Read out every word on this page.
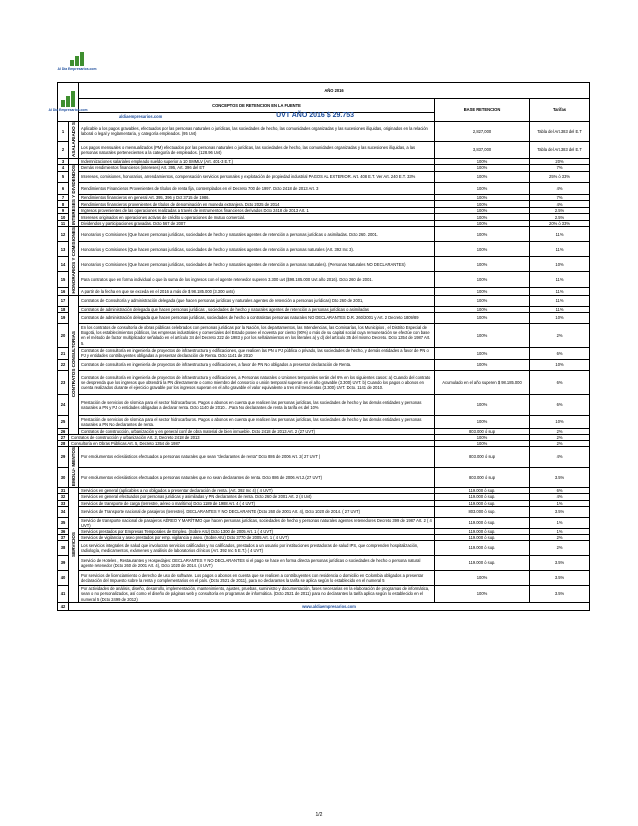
Al Día Empresarios.com
Al Día Empresarios.com		AÑO 2016		
		CONCEPTOS DE RETENCION EN LA FUENTE	BASE RETENCION	Tarifas

		aldiaempresarios.com UVT AÑO 2016 $ 29.753		

1	ASALARIADO S	Aplicable a los pagos gravables, efectuados por las personas naturales o jurídicas, las sociedades de hecho, las comunidades organizadas y las sucesiones ilíquidas, originados en la relación laboral o legal y reglamentaria, y categoría empleados. (95 Uvt)	2,827,000	Tabla del Art.383 del E.T
2		Los pagos mensuales o mensualizados (PM) efectuados por las personas naturales o jurídicas, las sociedades de hecho, las comunidades organizadas y las sucesiones ilíquidas, a las personas naturales pertenecientes a la categoría de empleados. (128.96 Uvt)	3,837,000	Tabla del Art.383 del E.T
3		Indemnizaciones salariales empleado sueldo superior a 10 SMMLV (Art. 401-3 E.T.)	100%	20%
4	INTERESES Y DIVIDENDOS	Demás rendimientos financieros (intereses) Art. 395, Art. 396 del ET	100%	7%
5		Intereses, comisiones, honorarios, arrendamientos, compensación servicios personales y explotación de propiedad industrial PAGOS AL EXTERIOR. Art. 408 E.T. Ver Art. 240 E.T. 33%	100%	25% ó 33%
6		Rendimientos Financieros Provenientes de títulos de renta fija, contemplados en el Decreto 700 de 1997. Dcto 2418 de 2013 Art. 3	100%	4%
7		Rendimientos financieros en general Art. 395, 396 y Dct 3715 de 1986.	100%	7%
8		Rendimientos financieros provenientes de títulos de denominación en moneda extranjera. Dcto 2025 de 2014	100%	4%
9		Ingresos provenientes de las operaciones realizadas a través de instrumentos financieros derivados Dcto 2418 de 2013 Art. 1	100%	2.5%
10		Intereses originados en operaciones activas de crédito u operaciones de mutuo comercial.	100%	2.5%
11		Dividendos y participaciones gravadas. Dcto 567 de 2007	100%	20% ó 33%
12	HONORARIOS Y COMISIONES	Honorarios y Comisiones (Que hacen personas jurídicas, sociedades de hecho y naturales agentes de retención a personas jurídicas o asimiladas. Dcto 260. 2001.	100%	11%
13		Honorarios y Comisiones (Que hacen personas jurídicas, sociedades de hecho y naturales agentes de retención a personas naturales (Art. 392 Inc 3).	100%	11%
14		Honorarios y Comisiones (Que hacen personas jurídicas, sociedades de hecho y naturales agentes de retención a personas naturales). (Personas Naturales NO DECLARANTES)	100%	10%
15		Para contratos que en forma individual o que la suma de los ingresos con el agente retenedor superen 3.300 uvt ($98.185.000 Uvt año 2016). Dcto 260 de 2001.	100%	11%
16		A partir de la fecha en que se exceda en el 2016 a más de $ 98.185.000 (3.300 uvts)	100%	11%
17	CONTRATOS CONSULTORIAS	Contratos de Consultoría y administración delegada (que hacen personas jurídicas y naturales agentes de retención a personas jurídicas) Dto 260 de 2001,	100%	11%
18		Contratos de administración delegada que hacen personas jurídicas , sociedades de hecho y naturales agentes de retención a personas jurídicas o asimiladas	100%	11%
19		Contratos de administración delegada que hacen personas jurídicas, sociedades de hecho a contratistas personas naturales NO DECLARANTES D.R. 260/2001 y Art. 2 Decreto 1809/89	100%	10%
20		En los contratos de consultoría de obras públicas celebrados con personas jurídicas por la Nación, los departamentos, las Intendencias, las Comisarías, los Municipios , el Distrito Especial de Bogotá, los establecimientos públicos, las empresas industriales y comerciales del Estado posee el noventa por ciento (90%) o más de su capital social cuya remuneración se efectúe con base en el método de factor multiplicador señalado en el artículo 34 del Decreto 222 de 1983 y por los señalamientos en los literales a) y d) del artículo 35 del mismo Decreto. Dcto 1354 de 1987 Art. 5.	100%	2%
21		Contratos de consultoría en ingeniería de proyectos de infraestructura y edificaciones, que realicen las PN o PJ pública o privado, las sociedades de hecho, y demás entidades a favor de PN o PJ y entidades contribuyentes obligadas a presentar declaración de Renta. Dcto 1141 de 2010	100%	6%
22		Contratos de consultoría en ingeniería de proyectos de infraestructura y edificaciones, a favor de PN No obligados a presentar declaración de Renta.	100%	10%
23		Contratos de consultoría en ingeniería de proyectos de infraestructura y edificaciones, a Personas naturales o Uniones temporales serán del 6% en los siguientes casos: a) Cuando del contrato se desprenda que los ingresos que obtendrá la PN directamente o como miembro del consorcio o unión temporal superan en el año gravable (3.300) UVT. b) Cuando los pagos o abonos en cuenta realizados durante el ejercicio gravable por los ingresos superan en el año gravable el valor equivalente a tres mil trescientas (3.300) UVT. Dcto. 1141 de 2010.	Acumulado en el año superen $ 98.185.000	6%
24		Prestación de servicios de sísmica para el sector hidrocarburos. Pagos o abonos en cuenta que realicen las personas jurídicas, las sociedades de hecho y las demás entidades y personas naturales a PN y PJ o entidades obligadas a declarar renta. Dcto 1140 de 2010.. .Para No declarantes de renta la tarifa es del 10%	100%	6%
25		Prestación de servicios de sísmica para el sector hidrocarburos. Pagos o abonos en cuenta que realicen las personas jurídicas, las sociedades de hecho y las demás entidades y personas naturales a PN No declarantes de renta.	100%	10%
26		Contratos de construcción, urbanización y en general conf de obra material de bien inmueble. Dcto 2418 de 2013 Art. 2 (27 UVT)	803.000 ó sup	2%
27	Contratos de construcción y urbanización Art. 2, Decreto 2418 de 2013		100%	2%
28	Consultoría en Obras Públicas Art. 5, Decreto 1354 de 1987		100%	2%
29	EMOLU- MENTOS	Por emolumentos eclesiásticos efectuados a personas naturales que sean "declarantes de renta" Dcto 886 de 2006 Art. 2( 27 UVT )	803.000 ó sup	4%
30		Por emolumentos eclesiásticos efectuados a personas naturales que no sean declarantes de renta. Dcto 886 de 2006 Art.2.(27 UVT)	803.000 ó sup	3.5%
31	SERVICIOS	Servicios en general (aplicables a no obligados a presentar declaración de renta. (Art. 392 Inc 4) ( 4 UVT)	119.000 ó sup.	6%
32		Servicios en general efectuados por personas jurídicas y asimiladas y PN declarantes de renta. Dcto 260 de 2001 Art. 2 (4 Uvt)	119.000 ó sup.	4%
33		Servicios de transporte de carga (terrestre, aéreo o marítimo) Dcto 1189 de 1988 Art. 4 ( 4 UVT)	119.000 ó sup.	1%
34		Servicios de Transporte nacional de pasajeros (terrestre). DECLARANTES Y NO DECLARANTE (Dcto 260 de 2001 Art. 4), Dcto 1020 de 2014. ( 27 UVT)	803.000 ó sup.	3.5%
35		Servicio de transporte nacional de pasajeros AÉREO Y MARÍTIMO que hacen personas jurídicas, sociedades de hecho y personas naturales agentes retenedores Decreto 399 de 1987 Art. 2 ( 4 UVT)	119.000 ó sup.	1%
36		Servicios prestados por Empresas Temporales de Empleo. (Sobre AIU) Dcto 1300 de 2005 Art. 1 ( 4 UVT)	119.000 ó sup.	1%
37		Servicios de vigilancia y aseo prestados por emp. vigilancia y aseo. (Sobre AIU) Dcto 3770 de 2005 Art. 1 ( 4 UVT)	119.000 ó sup.	2%
38		Los servicios integrales de salud que involucran servicios calificados y no calificados, prestados a un usuario por instituciones prestadoras de salud IPS, que comprenden hospitalización, radiología, medicamentos, exámenes y análisis de laboratorios clínicos (Art. 392 Inc 5 E.T.) ( 4 UVT)	119.000 ó sup.	2%
39		Servicio de Hoteles , Restaurantes y Hospedajes: DECLARANTES Y NO DECLARANTES si el pago se hace en forma directa personas jurídicas o sociedades de hecho o persona natural agente retenedor (Dcto 260 de 2001 Art. 4), Dcto 1020 de 2014. (4 UVT)	119.000 ó sup.	3.5%
40		Por servicios de licenciamiento o derecho de uso de software. Los pagos o abonos en cuenta que se realicen a contribuyentes con residencia o domicilio en Colombia obligados a presentar declaración del Impuesto sobre la renta y complementarios en el país. (Dcto 2521 de 2011), para no declarantes la tarifa se aplica según lo establecido en el numeral 5	100%	3.5%
41		Por actividades de análisis, diseño, desarrollo, implementación, mantenimiento, ajustes, pruebas, suministro y documentación, fases necesarias en la elaboración de programas de informática, sean o no personalizados, así como el diseño de páginas web y consultoría en programas de informática. (Dcto 2521 de 2011) para no declarantes la tarifa aplica según lo establecido en el numeral 5 (Dcto 2499 de 2012)	100%	3.5%
42	www.aldiaempresarios.com			
1/2
